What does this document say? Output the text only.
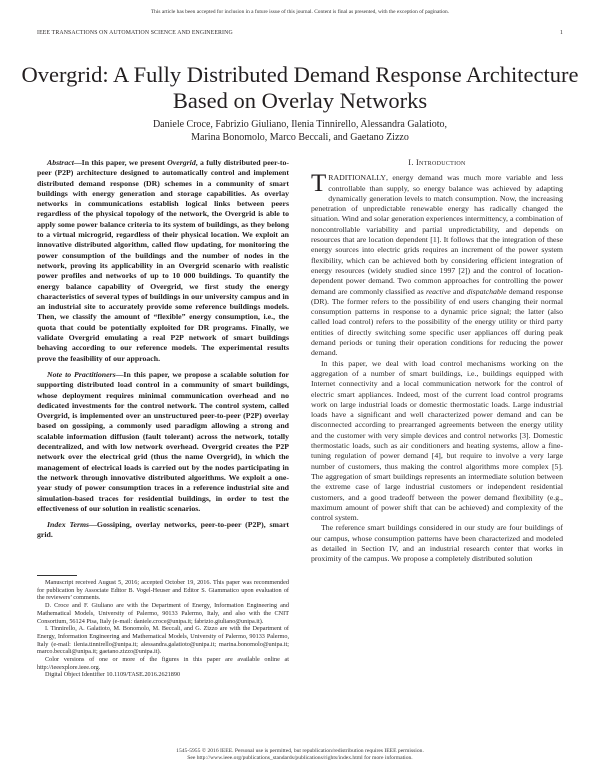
This article has been accepted for inclusion in a future issue of this journal. Content is final as presented, with the exception of pagination.
IEEE TRANSACTIONS ON AUTOMATION SCIENCE AND ENGINEERING	1
Overgrid: A Fully Distributed Demand Response Architecture Based on Overlay Networks
Daniele Croce, Fabrizio Giuliano, Ilenia Tinnirello, Alessandra Galatioto,
Marina Bonomolo, Marco Beccali, and Gaetano Zizzo

Abstract—In this paper, we present Overgrid, a fully distributed peer-to-peer (P2P) architecture designed to automatically control and implement distributed demand response (DR) schemes in a community of smart buildings with energy generation and storage capabilities. As overlay networks in communications establish logical links between peers regardless of the physical topology of the network, the Overgrid is able to apply some power balance criteria to its system of buildings, as they belong to a virtual microgrid, regardless of their physical location. We exploit an innovative distributed algorithm, called flow updating, for monitoring the power consumption of the buildings and the number of nodes in the network, proving its applicability in an Overgrid scenario with realistic power profiles and networks of up to 10 000 buildings. To quantify the energy balance capability of Overgrid, we first study the energy characteristics of several types of buildings in our university campus and in an industrial site to accurately provide some reference buildings models. Then, we classify the amount of “flexible” energy consumption, i.e., the quota that could be potentially exploited for DR programs. Finally, we validate Overgrid emulating a real P2P network of smart buildings behaving according to our reference models. The experimental results prove the feasibility of our approach.

Note to Practitioners—In this paper, we propose a scalable solution for supporting distributed load control in a community of smart buildings, whose deployment requires minimal communication overhead and no dedicated investments for the control network. The control system, called Overgrid, is implemented over an unstructured peer-to-peer (P2P) overlay based on gossiping, a commonly used paradigm allowing a strong and scalable information diffusion (fault tolerant) across the network, totally decentralized, and with low network overhead. Overgrid creates the P2P network over the electrical grid (thus the name Overgrid), in which the management of electrical loads is carried out by the nodes participating in the network through innovative distributed algorithms. We exploit a one-year study of power consumption traces in a reference industrial site and simulation-based traces for residential buildings, in order to test the effectiveness of our solution in realistic scenarios.

Index Terms—Gossiping, overlay networks, peer-to-peer (P2P), smart grid.

Manuscript received August 5, 2016; accepted October 19, 2016. This paper was recommended for publication by Associate Editor B. Vogel-Heuser and Editor S. Giammatico upon evaluation of the reviewers’ comments.

D. Croce and F. Giuliano are with the Department of Energy, Information Engineering and Mathematical Models, University of Palermo, 90133 Palermo, Italy, and also with the CNIT Consortium, 56124 Pisa, Italy (e-mail: daniele.croce@unipa.it; fabrizio.giuliano@unipa.it).

I. Tinnirello, A. Galatioto, M. Bonomolo, M. Beccali, and G. Zizzo are with the Department of Energy, Information Engineering and Mathematical Models, University of Palermo, 90133 Palermo, Italy (e-mail: ilenia.tinnirello@unipa.it; alessandra.galatioto@unipa.it; marina.bonomolo@unipa.it; marco.beccali@unipa.it; gaetano.zizzo@unipa.it).

Color versions of one or more of the figures in this paper are available online at http://ieeexplore.ieee.org.

Digital Object Identifier 10.1109/TASE.2016.2621890

I. Introduction

TRADITIONALLY, energy demand was much more variable and less controllable than supply, so energy balance was achieved by adapting dynamically generation levels to match consumption. Now, the increasing penetration of unpredictable renewable energy has radically changed the situation. Wind and solar generation experiences intermittency, a combination of noncontrollable variability and partial unpredictability, and depends on resources that are location dependent [1]. It follows that the integration of these energy sources into electric grids requires an increment of the power system flexibility, which can be achieved both by considering efficient integration of energy resources (widely studied since 1997 [2]) and the control of location-dependent power demand. Two common approaches for controlling the power demand are commonly classified as reactive and dispatchable demand response (DR). The former refers to the possibility of end users changing their normal consumption patterns in response to a dynamic price signal; the latter (also called load control) refers to the possibility of the energy utility or third party entities of directly switching some specific user appliances off during peak demand periods or tuning their operation conditions for reducing the power demand.

In this paper, we deal with load control mechanisms working on the aggregation of a number of smart buildings, i.e., buildings equipped with Internet connectivity and a local communication network for the control of electric smart appliances. Indeed, most of the current load control programs work on large industrial loads or domestic thermostatic loads. Large industrial loads have a significant and well characterized power demand and can be disconnected according to prearranged agreements between the energy utility and the customer with very simple devices and control networks [3]. Domestic thermostatic loads, such as air conditioners and heating systems, allow a fine-tuning regulation of power demand [4], but require to involve a very large number of customers, thus making the control algorithms more complex [5]. The aggregation of smart buildings represents an intermediate solution between the extreme case of large industrial customers or independent residential customers, and a good tradeoff between the power demand flexibility (e.g., maximum amount of power shift that can be achieved) and complexity of the control system.

The reference smart buildings considered in our study are four buildings of our campus, whose consumption patterns have been characterized and modeled as detailed in Section IV, and an industrial research center that works in proximity of the campus. We propose a completely distributed solution

1545-5955 © 2016 IEEE. Personal use is permitted, but republication/redistribution requires IEEE permission.
See http://www.ieee.org/publications_standards/publications/rights/index.html for more information.
